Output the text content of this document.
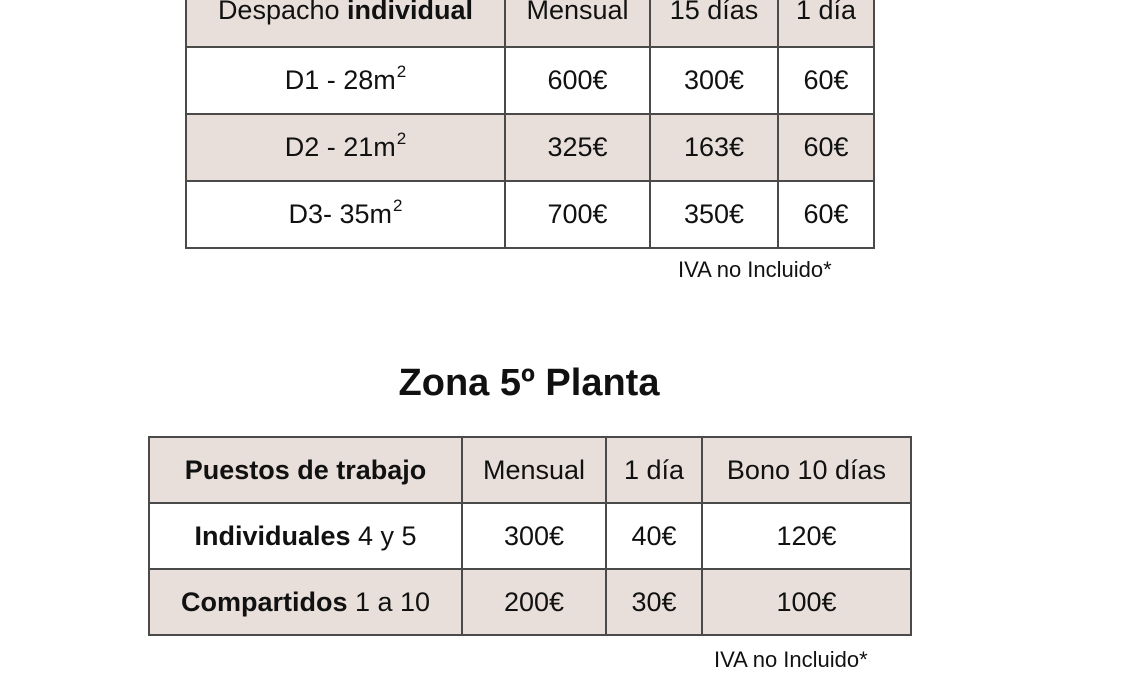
Despacho individual	Mensual	15 días	1 día
$D1 - 28m^2$	600€	300€	60€
$D2 - 21m^2$	325€	163€	60€
D3- $35m^2$	700€	350€	60€
IVA no Incluido*
Zona 5º Planta
Puestos de trabajo	Mensual	1 día	Bono 10 días
Individuales 4 y 5	300€	40€	120€
Compartidos 1 a 10	200€	30€	100€
IVA no Incluido*
